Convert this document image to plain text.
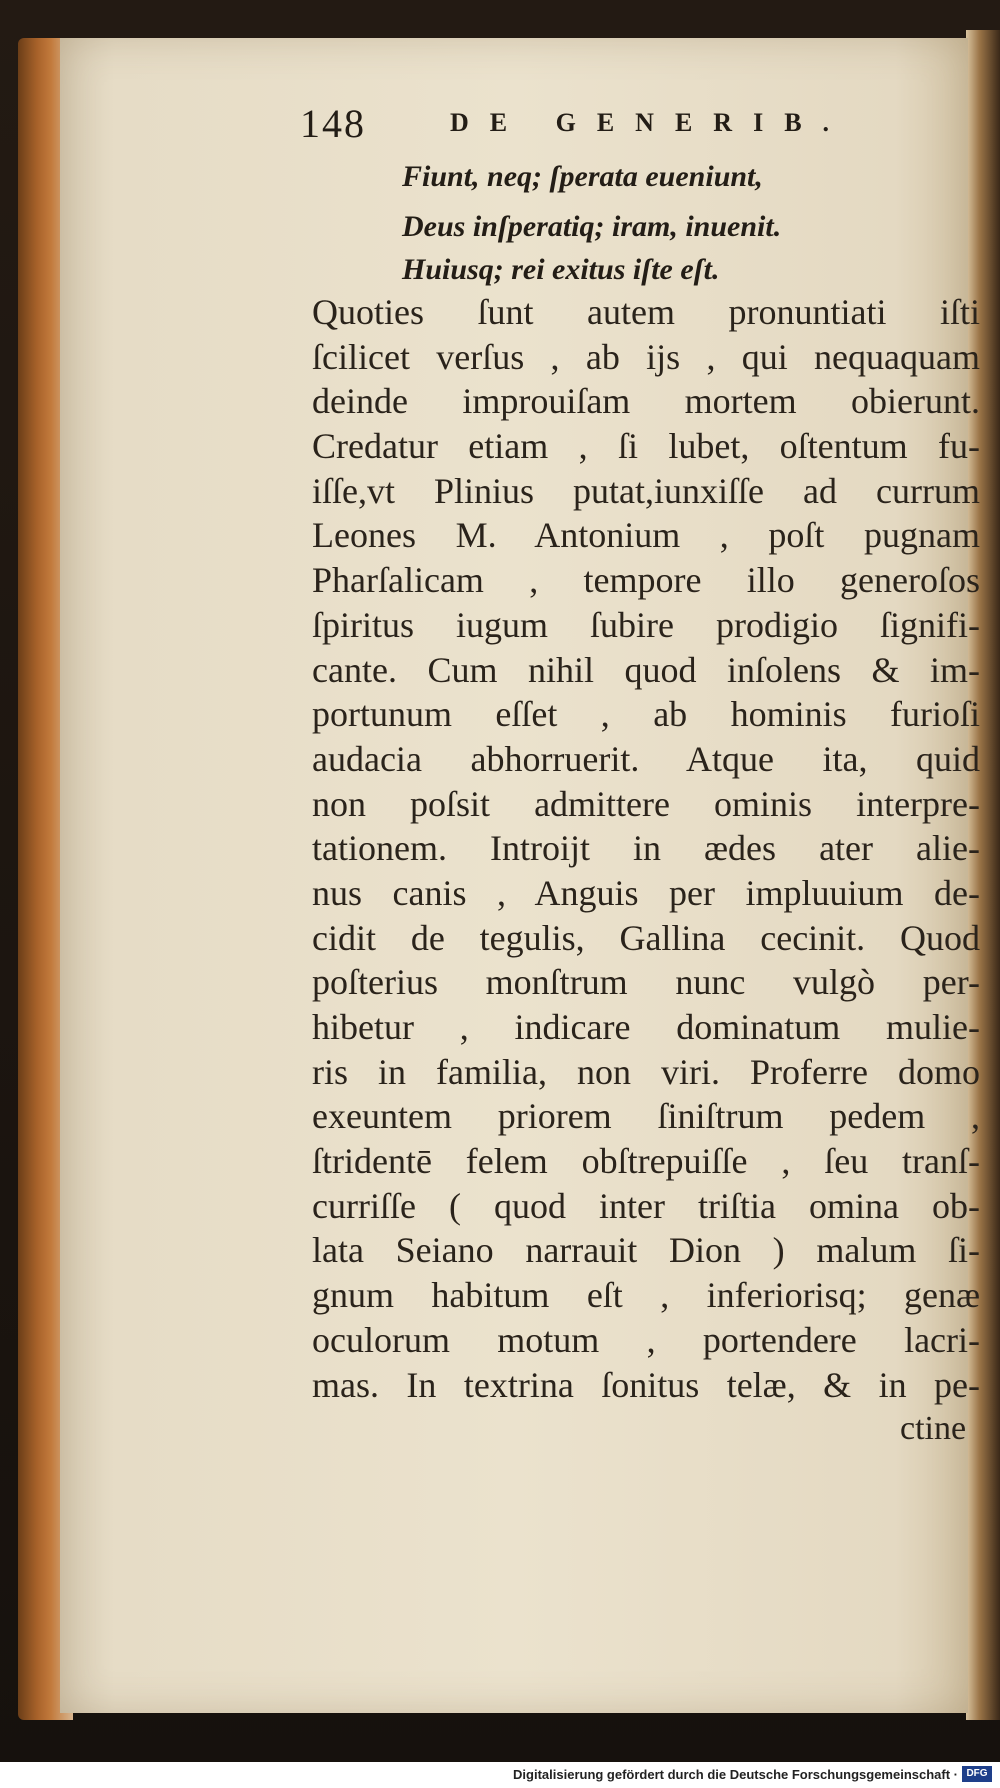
148	DE GENERIB.
Fiunt, neq; ſperata eueniunt,
Deus inſperatiq; iram, inuenit.
Huiusq; rei exitus iſte eſt.
Quoties ſunt autem pronuntiati iſti
ſcilicet verſus , ab ijs , qui nequaquam
deinde improuiſam mortem obierunt.
Credatur etiam , ſi lubet, oſtentum fu-
iſſe,vt Plinius putat,iunxiſſe ad currum
Leones M. Antonium , poſt pugnam
Pharſalicam , tempore illo generoſos
ſpiritus iugum ſubire prodigio ſignifi-
cante. Cum nihil quod inſolens & im-
portunum eſſet , ab hominis furioſi
audacia abhorruerit. Atque ita, quid
non poſsit admittere ominis interpre-
tationem. Introijt in ædes ater alie-
nus canis , Anguis per impluuium de-
cidit de tegulis, Gallina cecinit. Quod
poſterius monſtrum nunc vulgò per-
hibetur , indicare dominatum mulie-
ris in familia, non viri. Proferre domo
exeuntem priorem ſiniſtrum pedem ,
ſtridentē felem obſtrepuiſſe , ſeu tranſ-
curriſſe ( quod inter triſtia omina ob-
lata Seiano narrauit Dion ) malum ſi-
gnum habitum eſt , inferiorisq; genæ
oculorum motum , portendere lacri-
mas. In textrina ſonitus telæ, & in pe-
ctine
Digitalisierung gefördert durch die Deutsche Forschungsgemeinschaft · DFG
